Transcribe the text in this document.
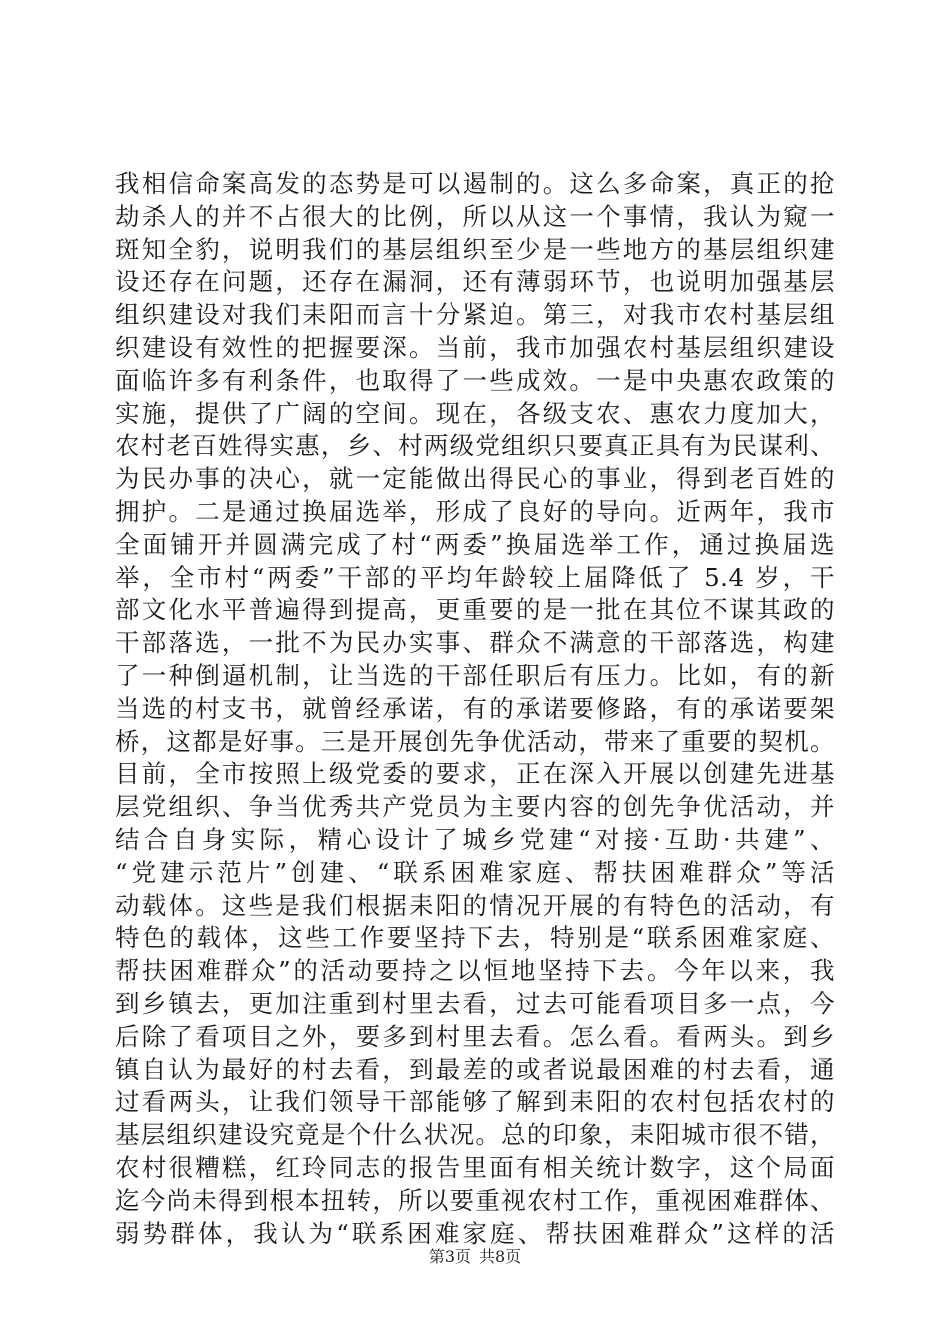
我相信命案高发的态势是可以遏制的。这么多命案，真正的抢
劫杀人的并不占很大的比例，所以从这一个事情，我认为窥一
斑知全豹，说明我们的基层组织至少是一些地方的基层组织建
设还存在问题，还存在漏洞，还有薄弱环节，也说明加强基层
组织建设对我们耒阳而言十分紧迫。第三，对我市农村基层组
织建设有效性的把握要深。当前，我市加强农村基层组织建设
面临许多有利条件，也取得了一些成效。一是中央惠农政策的
实施，提供了广阔的空间。现在，各级支农、惠农力度加大，
农村老百姓得实惠，乡、村两级党组织只要真正具有为民谋利、
为民办事的决心，就一定能做出得民心的事业，得到老百姓的
拥护。二是通过换届选举，形成了良好的导向。近两年，我市
全面铺开并圆满完成了村“两委”换届选举工作，通过换届选
举，全市村“两委”干部的平均年龄较上届降低了 5.4 岁，干
部文化水平普遍得到提高，更重要的是一批在其位不谋其政的
干部落选，一批不为民办实事、群众不满意的干部落选，构建
了一种倒逼机制，让当选的干部任职后有压力。比如，有的新
当选的村支书，就曾经承诺，有的承诺要修路，有的承诺要架
桥，这都是好事。三是开展创先争优活动，带来了重要的契机。
目前，全市按照上级党委的要求，正在深入开展以创建先进基
层党组织、争当优秀共产党员为主要内容的创先争优活动，并
结合自身实际，精心设计了城乡党建“对接·互助·共建”、
“党建示范片”创建、“联系困难家庭、帮扶困难群众”等活
动载体。这些是我们根据耒阳的情况开展的有特色的活动，有
特色的载体，这些工作要坚持下去，特别是“联系困难家庭、
帮扶困难群众”的活动要持之以恒地坚持下去。今年以来，我
到乡镇去，更加注重到村里去看，过去可能看项目多一点，今
后除了看项目之外，要多到村里去看。怎么看。看两头。到乡
镇自认为最好的村去看，到最差的或者说最困难的村去看，通
过看两头，让我们领导干部能够了解到耒阳的农村包括农村的
基层组织建设究竟是个什么状况。总的印象，耒阳城市很不错，
农村很糟糕，红玲同志的报告里面有相关统计数字，这个局面
迄今尚未得到根本扭转，所以要重视农村工作，重视困难群体、
弱势群体，我认为“联系困难家庭、帮扶困难群众”这样的活
第3页 共8页
